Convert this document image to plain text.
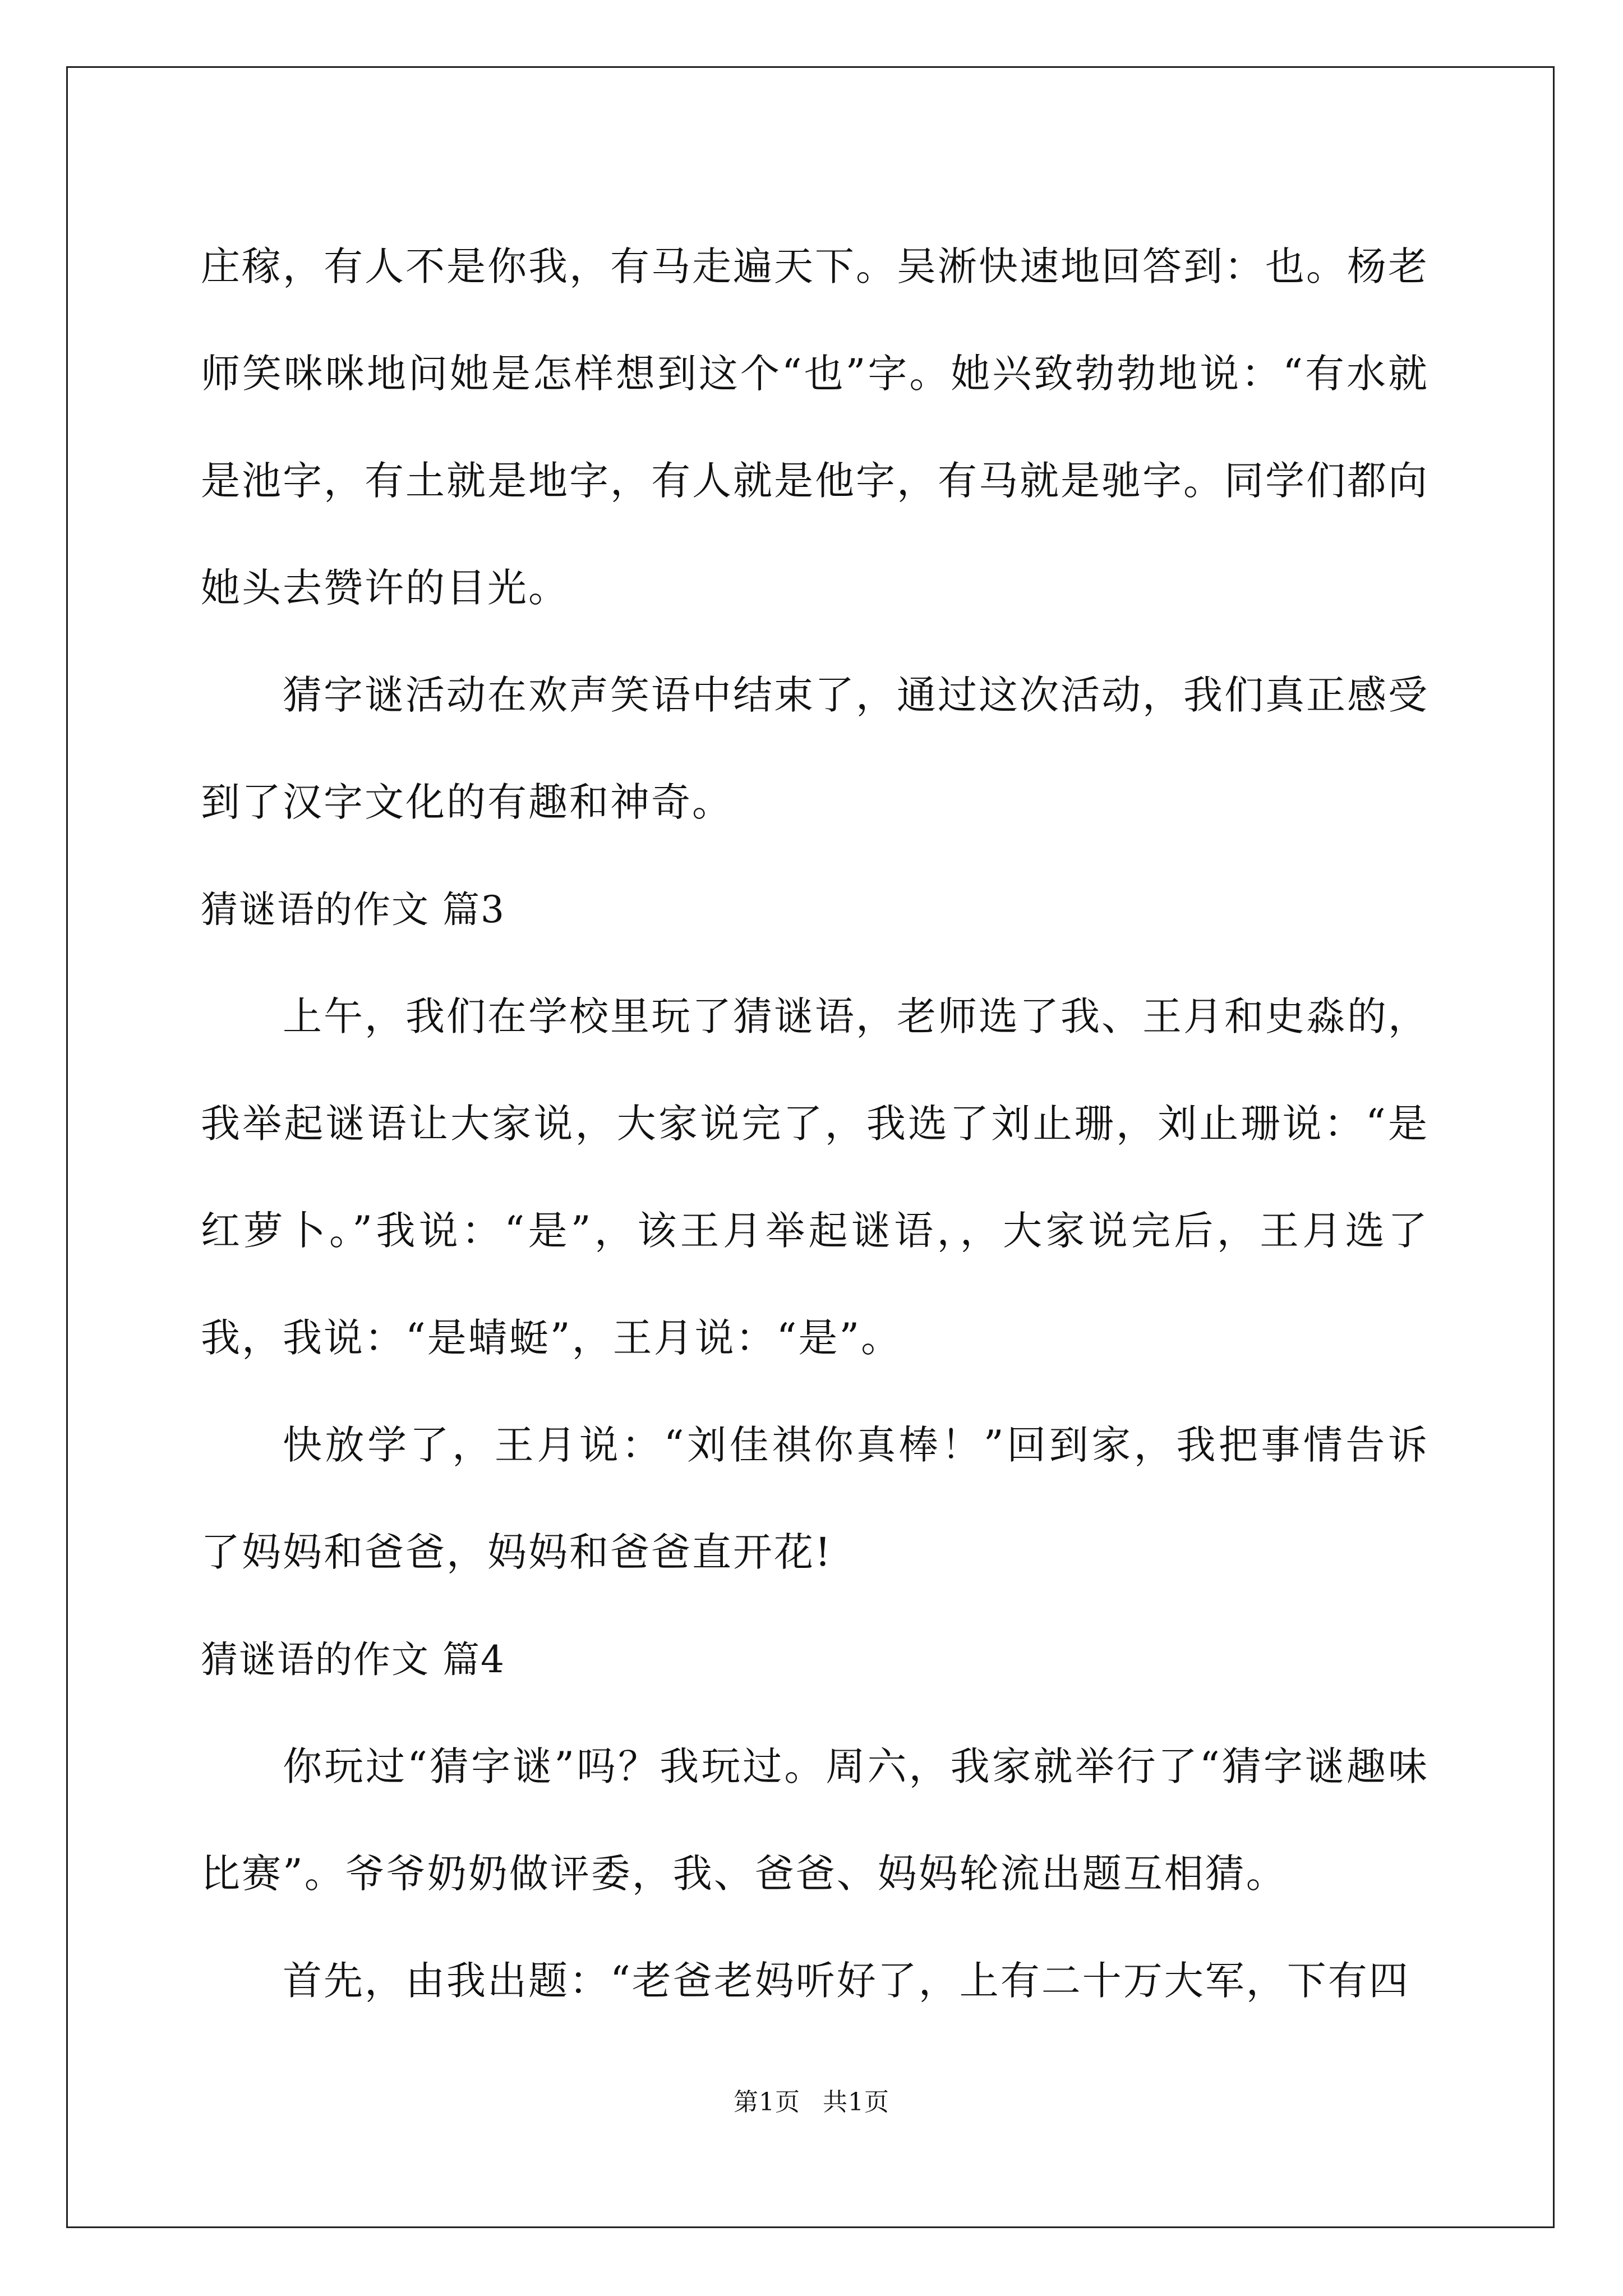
庄稼，有人不是你我，有马走遍天下。吴淅快速地回答到：也。杨老师笑咪咪地问她是怎样想到这个“也”字。她兴致勃勃地说：“有水就是池字，有土就是地字，有人就是他字，有马就是驰字。同学们都向她头去赞许的目光。

猜字谜活动在欢声笑语中结束了，通过这次活动，我们真正感受到了汉字文化的有趣和神奇。

猜谜语的作文 篇3

上午，我们在学校里玩了猜谜语，老师选了我、王月和史淼的，我举起谜语让大家说，大家说完了，我选了刘止珊，刘止珊说：“是红萝卜。”我说：“是”，该王月举起谜语，，大家说完后，王月选了我，我说：“是蜻蜓”，王月说：“是”。

快放学了，王月说：“刘佳祺你真棒！”回到家，我把事情告诉了妈妈和爸爸，妈妈和爸爸直开花!

猜谜语的作文 篇4

你玩过“猜字谜”吗？我玩过。周六，我家就举行了“猜字谜趣味比赛”。爷爷奶奶做评委，我、爸爸、妈妈轮流出题互相猜。

首先，由我出题：“老爸老妈听好了，上有二十万大军，下有四

第1页 共1页
